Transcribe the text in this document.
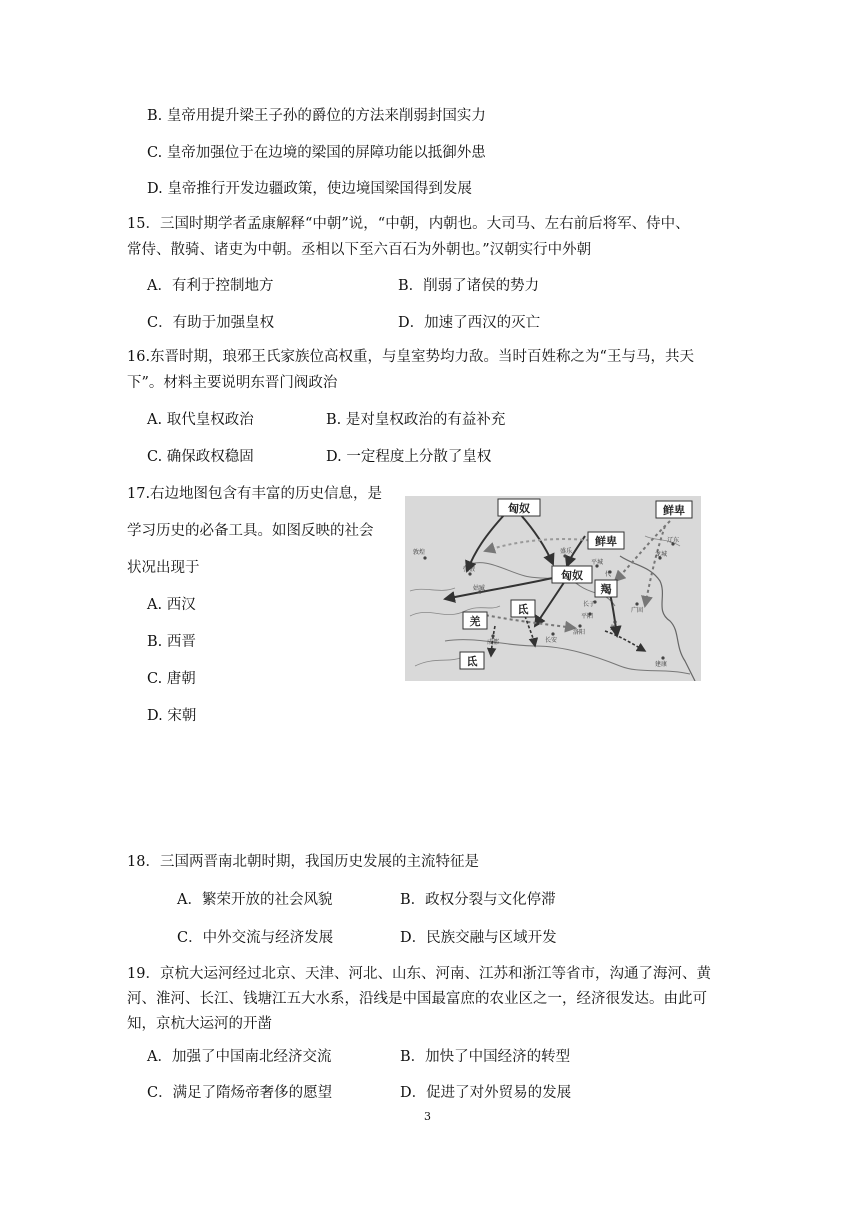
B. 皇帝用提升梁王子孙的爵位的方法来削弱封国实力
C. 皇帝加强位于在边境的梁国的屏障功能以抵御外患
D. 皇帝推行开发边疆政策，使边境国梁国得到发展
15．三国时期学者孟康解释“中朝”说，“中朝，内朝也。大司马、左右前后将军、侍中、
常侍、散骑、诸吏为中朝。丞相以下至六百石为外朝也。”汉朝实行中外朝
A．有利于控制地方	B．削弱了诸侯的势力
C．有助于加强皇权	D．加速了西汉的灭亡
16.东晋时期，琅邪王氏家族位高权重，与皇室势均力敌。当时百姓称之为“王与马，共天
下”。材料主要说明东晋门阀政治
A. 取代皇权政治	B. 是对皇权政治的有益补充
C. 确保政权稳固	D. 一定程度上分散了皇权
17.右边地图包含有丰富的历史信息，是
学习历史的必备工具。如图反映的社会
状况出现于
A. 西汉
B. 西晋
C. 唐朝
D. 宋朝
匈奴	鲜卑
鲜卑
匈奴
羯
羌
氐
氐
敦煌
张掖
姑臧
盛乐
平城
代
辽东
龙城
平阳
长子
邺
广固
长安
洛阳
成都
建康
18．三国两晋南北朝时期，我国历史发展的主流特征是
A．繁荣开放的社会风貌	B．政权分裂与文化停滞
C．中外交流与经济发展	D．民族交融与区域开发
19．京杭大运河经过北京、天津、河北、山东、河南、江苏和浙江等省市，沟通了海河、黄
河、淮河、长江、钱塘江五大水系，沿线是中国最富庶的农业区之一，经济很发达。由此可
知，京杭大运河的开凿
A．加强了中国南北经济交流	B．加快了中国经济的转型
C．满足了隋炀帝奢侈的愿望	D．促进了对外贸易的发展
3
